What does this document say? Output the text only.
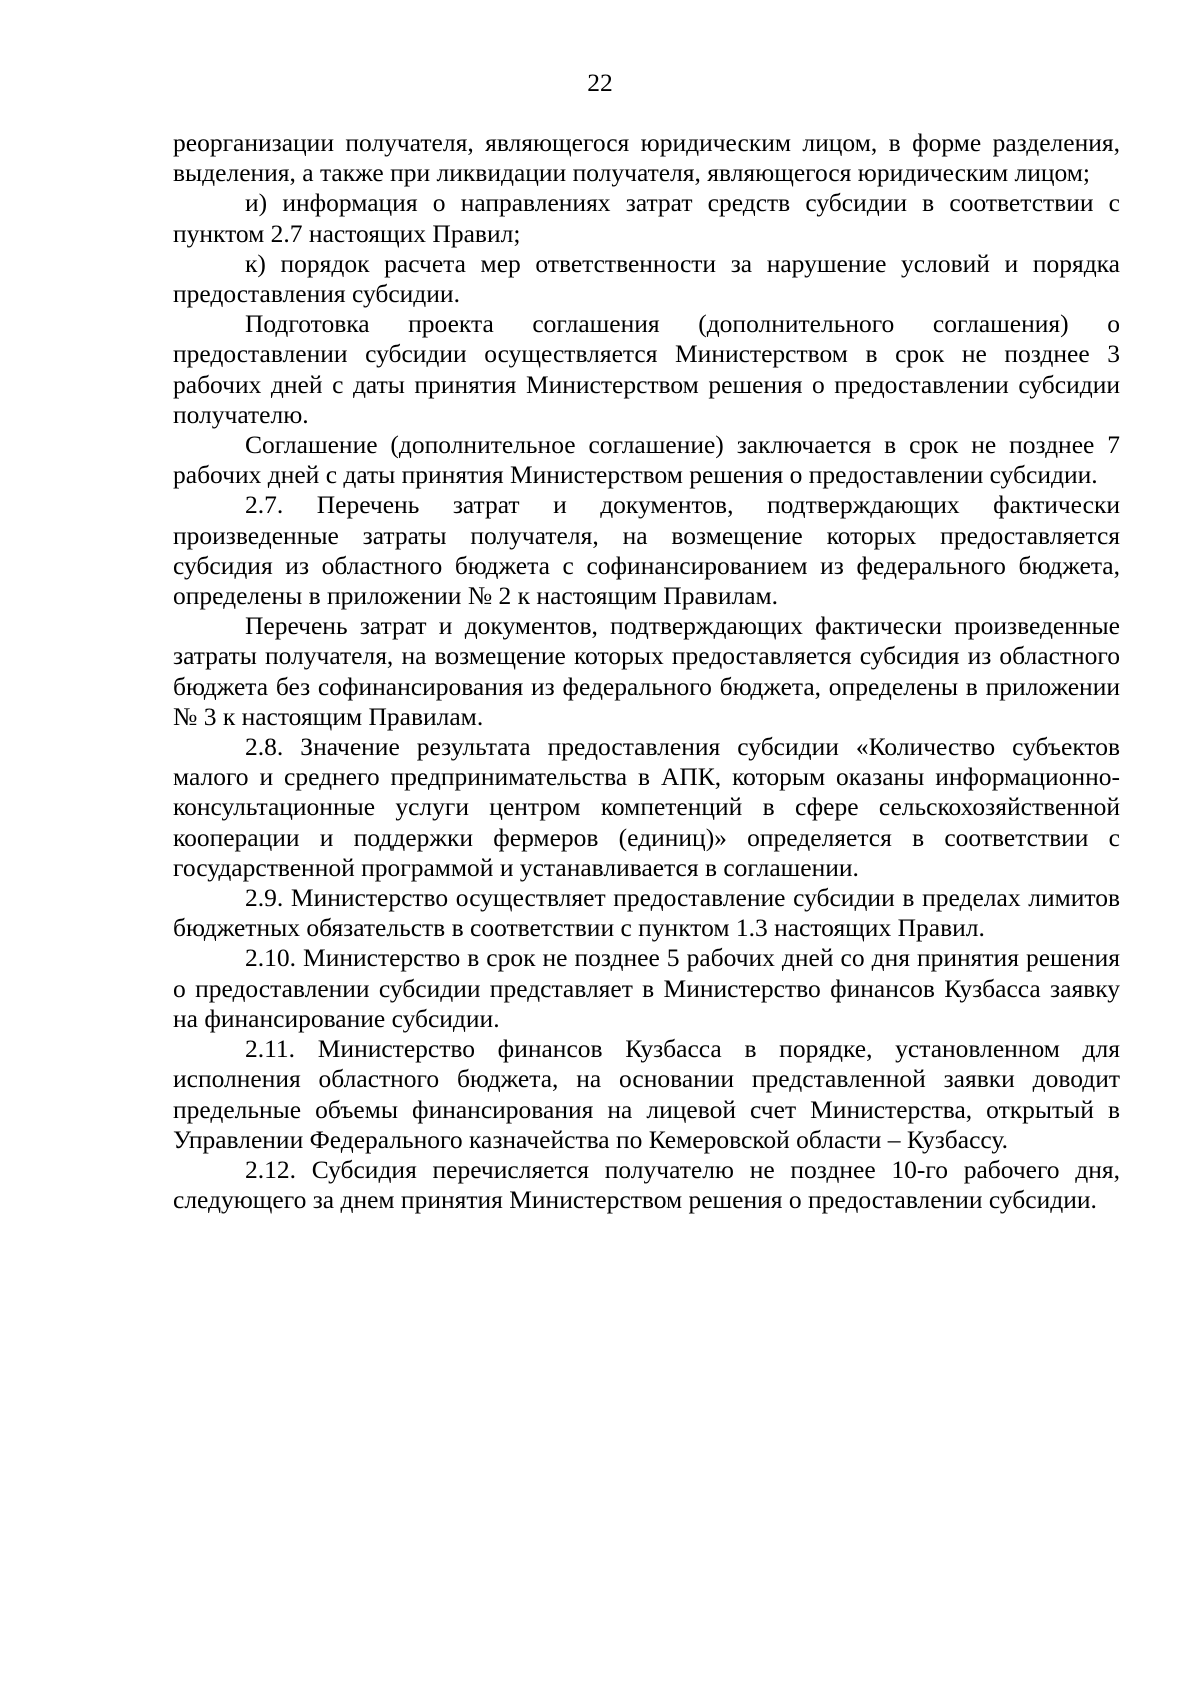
22

реорганизации получателя, являющегося юридическим лицом, в форме разделения, выделения, а также при ликвидации получателя, являющегося юридическим лицом;

и) информация о направлениях затрат средств субсидии в соответствии с пунктом 2.7 настоящих Правил;

к) порядок расчета мер ответственности за нарушение условий и порядка предоставления субсидии.

Подготовка проекта соглашения (дополнительного соглашения) о предоставлении субсидии осуществляется Министерством в срок не позднее 3 рабочих дней с даты принятия Министерством решения о предоставлении субсидии получателю.

Соглашение (дополнительное соглашение) заключается в срок не позднее 7 рабочих дней с даты принятия Министерством решения о предоставлении субсидии.

2.7. Перечень затрат и документов, подтверждающих фактически произведенные затраты получателя, на возмещение которых предоставляется субсидия из областного бюджета с софинансированием из федерального бюджета, определены в приложении № 2 к настоящим Правилам.

Перечень затрат и документов, подтверждающих фактически произведенные затраты получателя, на возмещение которых предоставляется субсидия из областного бюджета без софинансирования из федерального бюджета, определены в приложении № 3 к настоящим Правилам.

2.8. Значение результата предоставления субсидии «Количество субъектов малого и среднего предпринимательства в АПК, которым оказаны информационно-консультационные услуги центром компетенций в сфере сельскохозяйственной кооперации и поддержки фермеров (единиц)» определяется в соответствии с государственной программой и устанавливается в соглашении.

2.9. Министерство осуществляет предоставление субсидии в пределах лимитов бюджетных обязательств в соответствии с пунктом 1.3 настоящих Правил.

2.10. Министерство в срок не позднее 5 рабочих дней со дня принятия решения о предоставлении субсидии представляет в Министерство финансов Кузбасса заявку на финансирование субсидии.

2.11. Министерство финансов Кузбасса в порядке, установленном для исполнения областного бюджета, на основании представленной заявки доводит предельные объемы финансирования на лицевой счет Министерства, открытый в Управлении Федерального казначейства по Кемеровской области – Кузбассу.

2.12. Субсидия перечисляется получателю не позднее 10-го рабочего дня, следующего за днем принятия Министерством решения о предоставлении субсидии.
